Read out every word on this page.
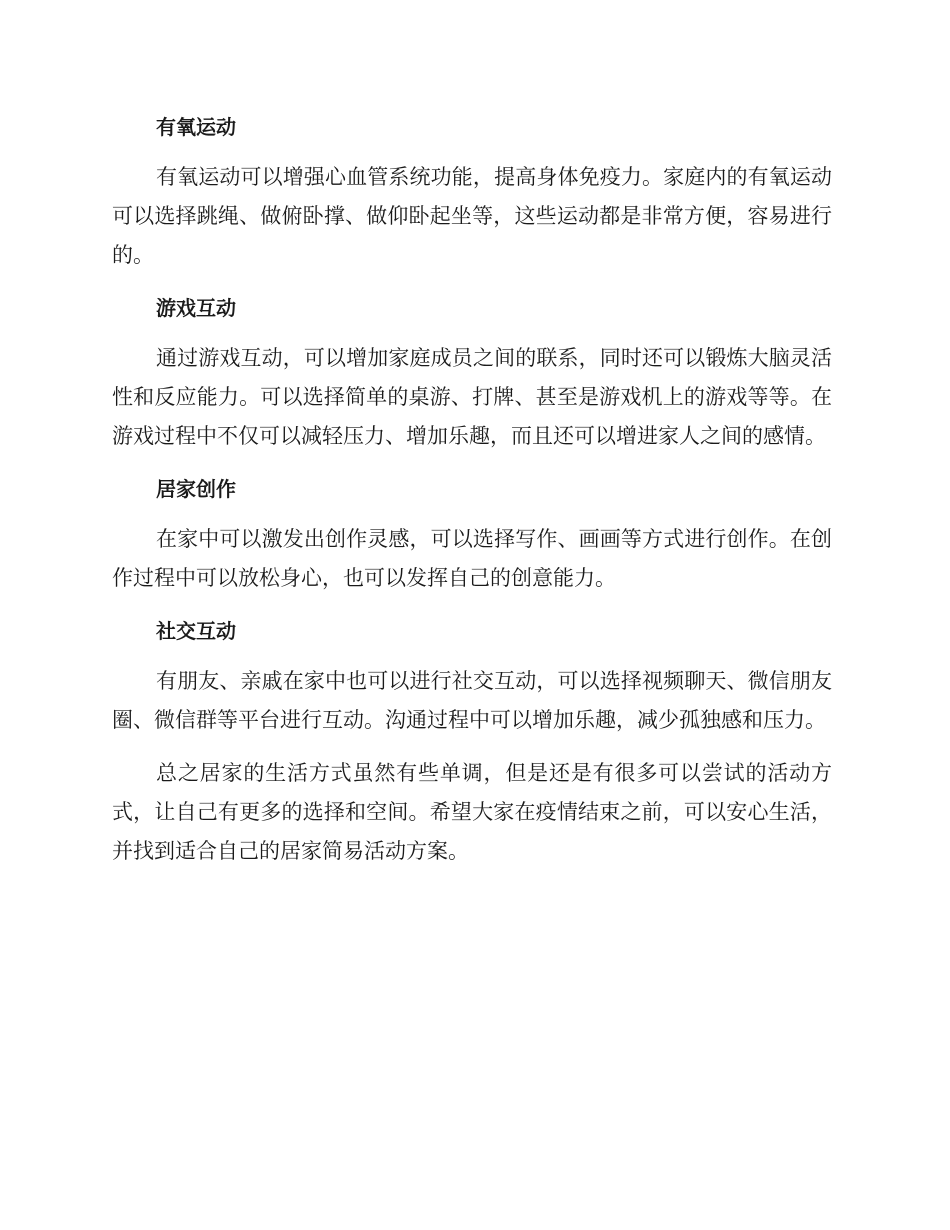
有氧运动

有氧运动可以增强心血管系统功能，提高身体免疫力。家庭内的有氧运动可以选择跳绳、做俯卧撑、做仰卧起坐等，这些运动都是非常方便，容易进行的。

游戏互动

通过游戏互动，可以增加家庭成员之间的联系，同时还可以锻炼大脑灵活性和反应能力。可以选择简单的桌游、打牌、甚至是游戏机上的游戏等等。在游戏过程中不仅可以减轻压力、增加乐趣，而且还可以增进家人之间的感情。

居家创作

在家中可以激发出创作灵感，可以选择写作、画画等方式进行创作。在创作过程中可以放松身心，也可以发挥自己的创意能力。

社交互动

有朋友、亲戚在家中也可以进行社交互动，可以选择视频聊天、微信朋友圈、微信群等平台进行互动。沟通过程中可以增加乐趣，减少孤独感和压力。

总之居家的生活方式虽然有些单调，但是还是有很多可以尝试的活动方式，让自己有更多的选择和空间。希望大家在疫情结束之前，可以安心生活，并找到适合自己的居家简易活动方案。
